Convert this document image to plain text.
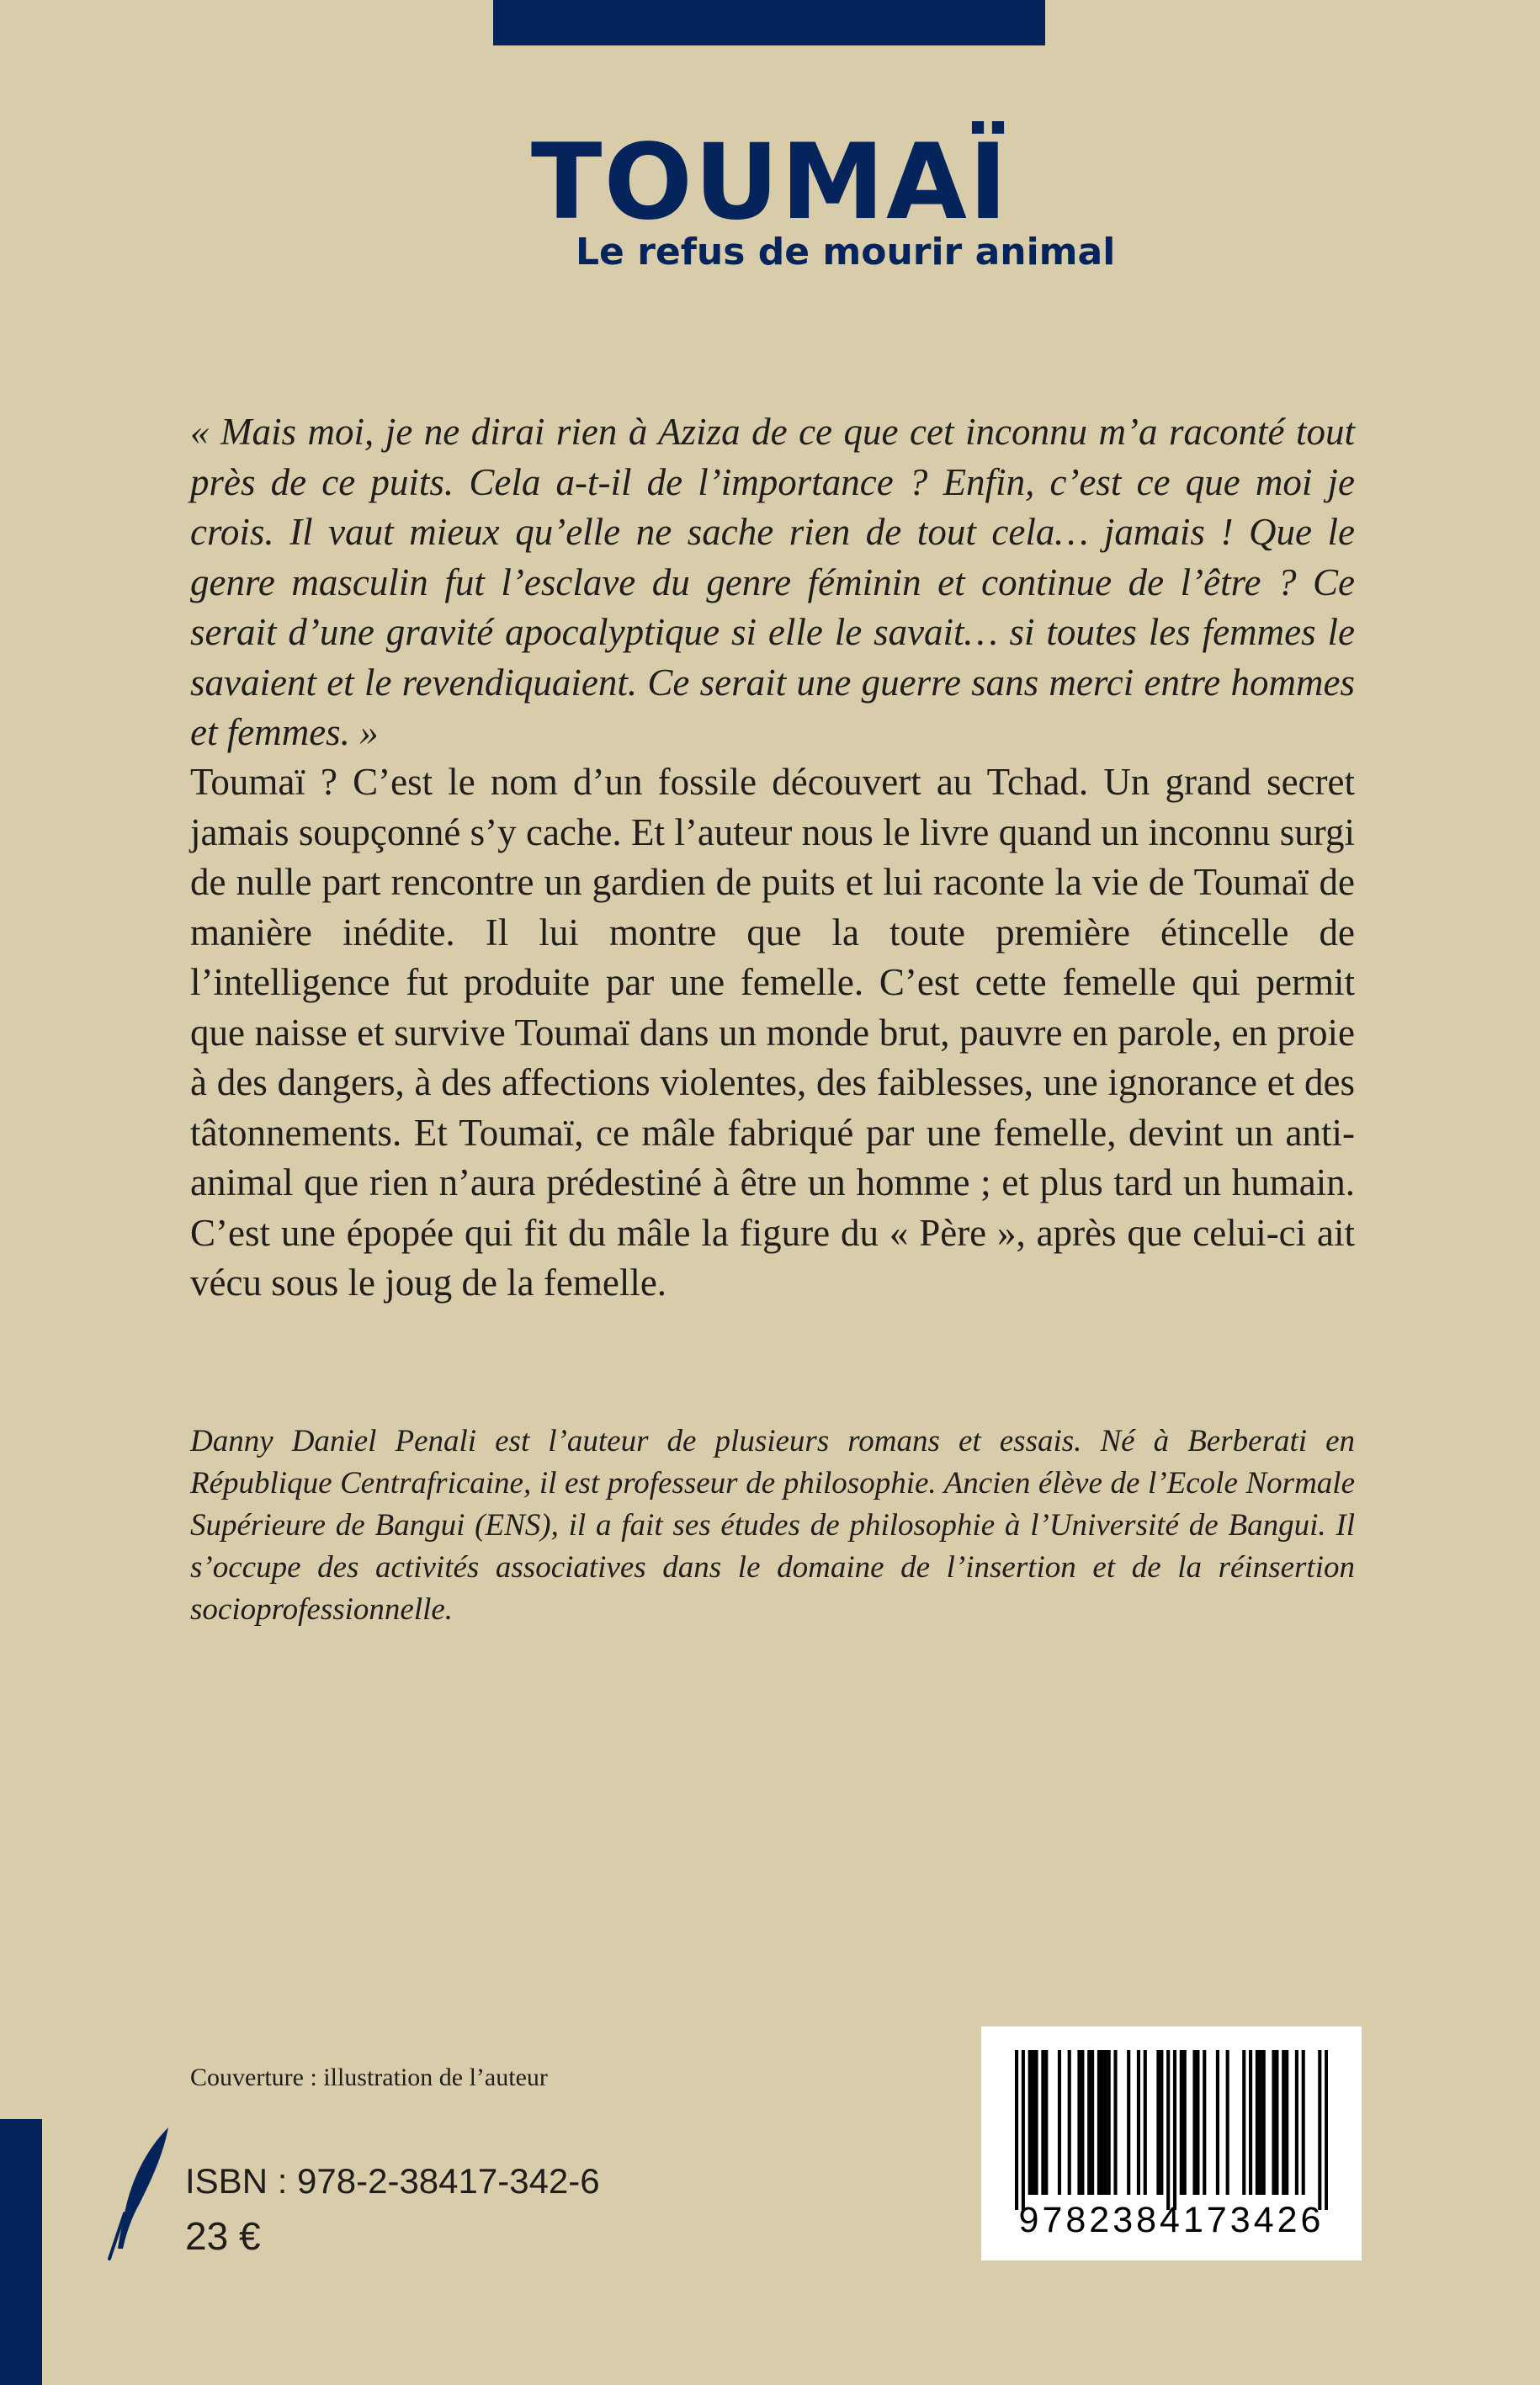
TOUMAÏ
Le refus de mourir animal

« Mais moi, je ne dirai rien à Aziza de ce que cet inconnu m’a raconté tout près de ce puits. Cela a-t-il de l’importance ? Enfin, c’est ce que moi je crois. Il vaut mieux qu’elle ne sache rien de tout cela… jamais ! Que le genre masculin fut l’esclave du genre féminin et continue de l’être ? Ce serait d’une gravité apocalyptique si elle le savait… si toutes les femmes le savaient et le revendiquaient. Ce serait une guerre sans merci entre hommes et femmes. »

Toumaï ? C’est le nom d’un fossile découvert au Tchad. Un grand secret jamais soupçonné s’y cache. Et l’auteur nous le livre quand un inconnu surgi de nulle part rencontre un gardien de puits et lui raconte la vie de Toumaï de manière inédite. Il lui montre que la toute première étincelle de l’intelligence fut produite par une femelle. C’est cette femelle qui permit que naisse et survive Toumaï dans un monde brut, pauvre en parole, en proie à des dangers, à des affections violentes, des faiblesses, une ignorance et des tâtonnements. Et Toumaï, ce mâle fabriqué par une femelle, devint un anti-animal que rien n’aura prédestiné à être un homme ; et plus tard un humain. C’est une épopée qui fit du mâle la figure du « Père », après que celui-ci ait vécu sous le joug de la femelle.

Danny Daniel Penali est l’auteur de plusieurs romans et essais. Né à Berberati en République Centrafricaine, il est professeur de philosophie. Ancien élève de l’Ecole Normale Supérieure de Bangui (ENS), il a fait ses études de philosophie à l’Université de Bangui. Il s’occupe des activités associatives dans le domaine de l’insertion et de la réinsertion socioprofessionnelle.

Couverture : illustration de l’auteur
ISBN : 978-2-38417-342-6
23 €	9782384173426
